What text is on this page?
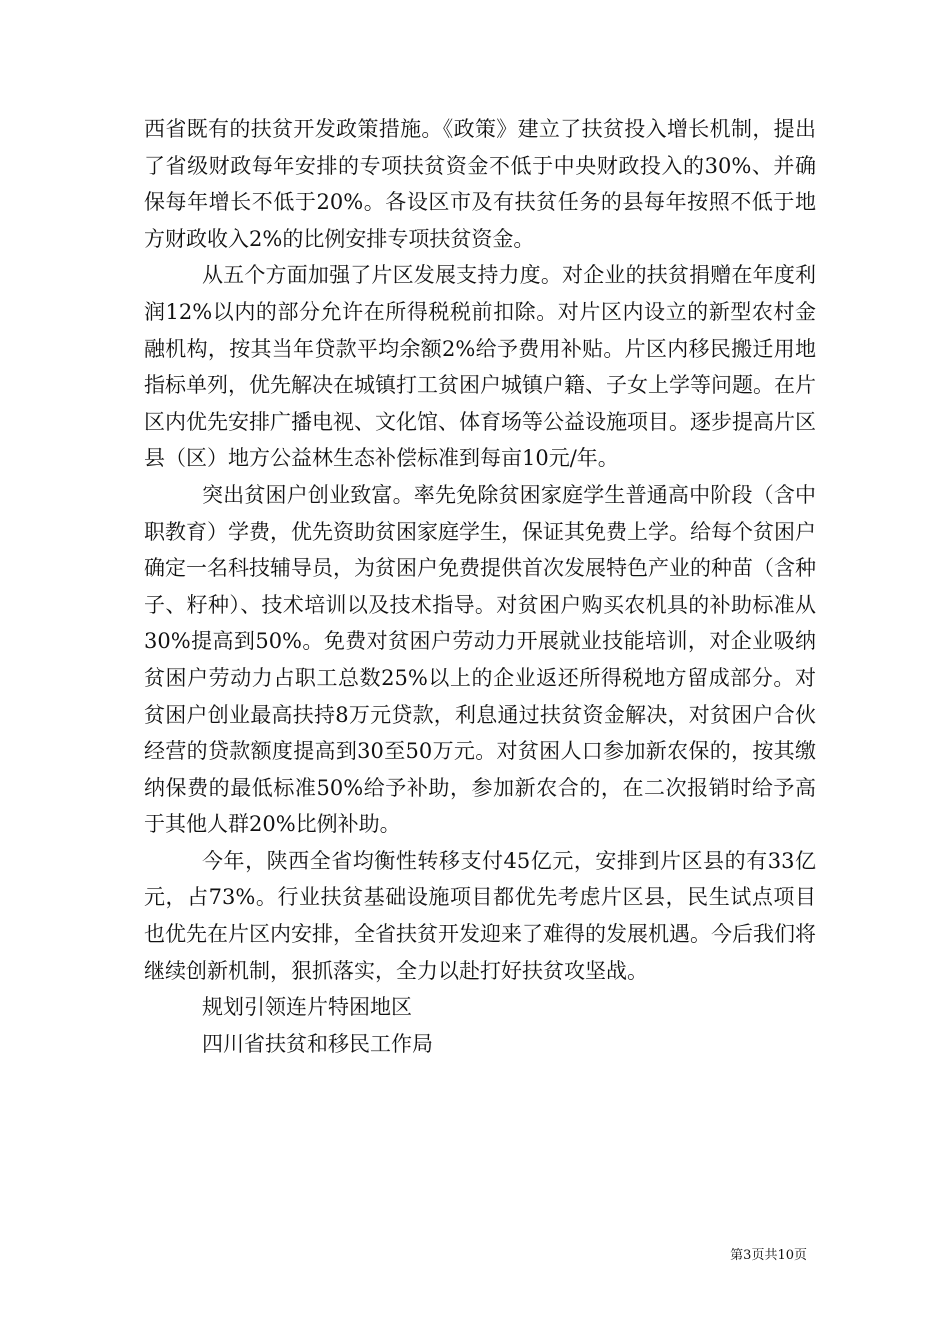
西省既有的扶贫开发政策措施。《政策》建立了扶贫投入增长机制，提出了省级财政每年安排的专项扶贫资金不低于中央财政投入的30%、并确保每年增长不低于20%。各设区市及有扶贫任务的县每年按照不低于地方财政收入2%的比例安排专项扶贫资金。

从五个方面加强了片区发展支持力度。对企业的扶贫捐赠在年度利润12%以内的部分允许在所得税税前扣除。对片区内设立的新型农村金融机构，按其当年贷款平均余额2%给予费用补贴。片区内移民搬迁用地指标单列，优先解决在城镇打工贫困户城镇户籍、子女上学等问题。在片区内优先安排广播电视、文化馆、体育场等公益设施项目。逐步提高片区县（区）地方公益林生态补偿标准到每亩10元/年。

突出贫困户创业致富。率先免除贫困家庭学生普通高中阶段（含中职教育）学费，优先资助贫困家庭学生，保证其免费上学。给每个贫困户确定一名科技辅导员，为贫困户免费提供首次发展特色产业的种苗（含种子、籽种）、技术培训以及技术指导。对贫困户购买农机具的补助标准从30%提高到50%。免费对贫困户劳动力开展就业技能培训，对企业吸纳贫困户劳动力占职工总数25%以上的企业返还所得税地方留成部分。对贫困户创业最高扶持8万元贷款，利息通过扶贫资金解决，对贫困户合伙经营的贷款额度提高到30至50万元。对贫困人口参加新农保的，按其缴纳保费的最低标准50%给予补助，参加新农合的，在二次报销时给予高于其他人群20%比例补助。

今年，陕西全省均衡性转移支付45亿元，安排到片区县的有33亿元，占73%。行业扶贫基础设施项目都优先考虑片区县，民生试点项目也优先在片区内安排，全省扶贫开发迎来了难得的发展机遇。今后我们将继续创新机制，狠抓落实，全力以赴打好扶贫攻坚战。

规划引领连片特困地区

四川省扶贫和移民工作局

第3页共10页
